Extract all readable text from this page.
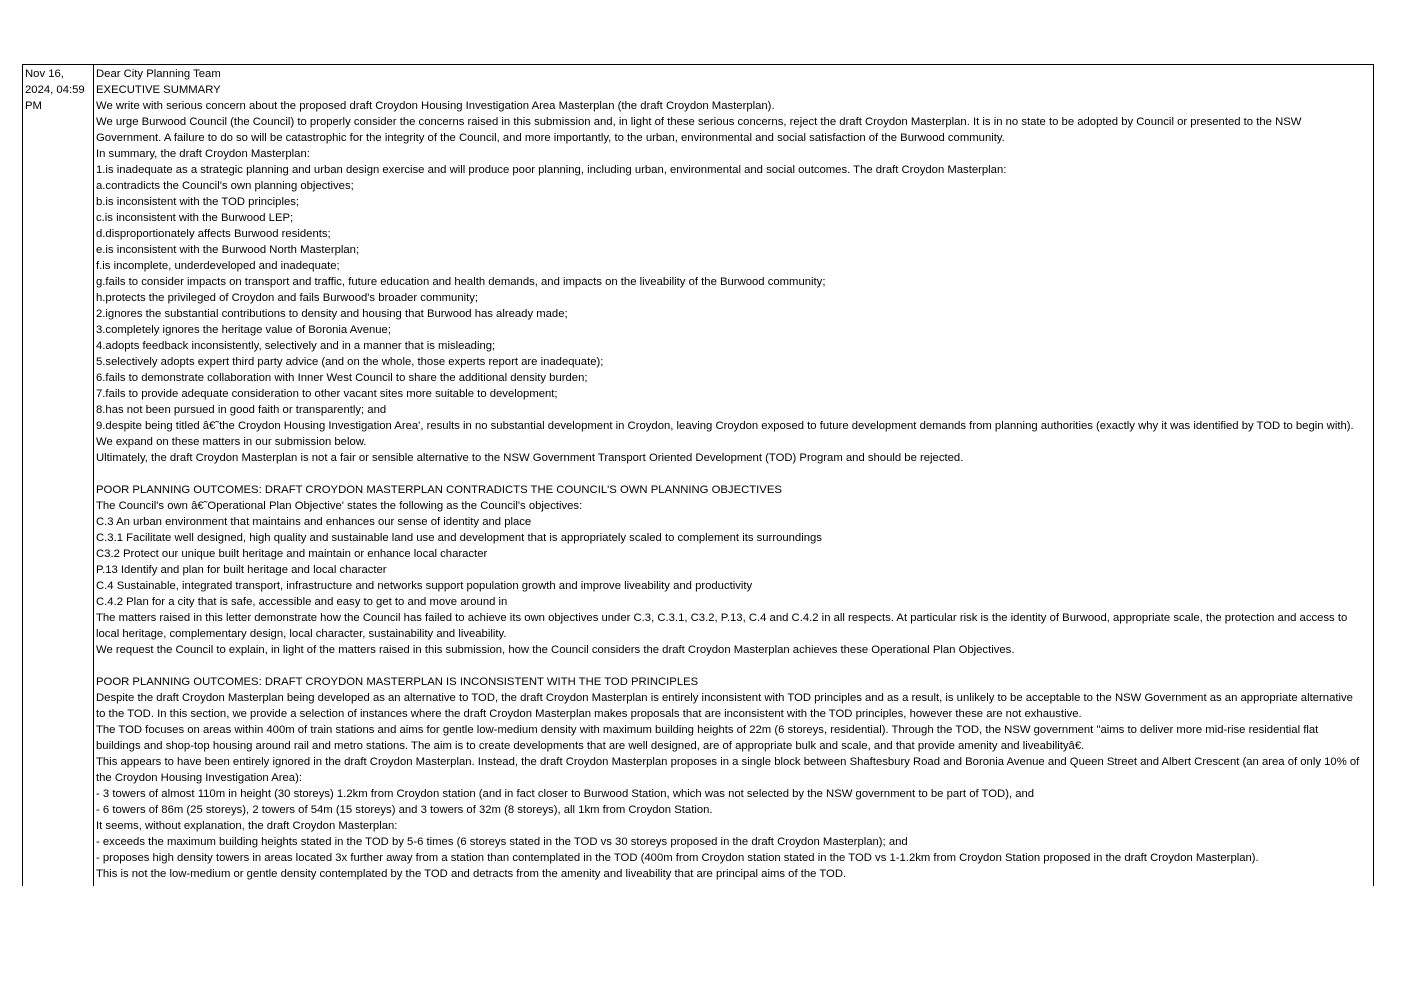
Nov 16,
2024, 04:59
PM
Dear City Planning Team
EXECUTIVE SUMMARY
We write with serious concern about the proposed draft Croydon Housing Investigation Area Masterplan (the draft Croydon Masterplan).
We urge Burwood Council (the Council) to properly consider the concerns raised in this submission and, in light of these serious concerns, reject the draft Croydon Masterplan. It is in no state to be adopted by Council or presented to the NSW
Government. A failure to do so will be catastrophic for the integrity of the Council, and more importantly, to the urban, environmental and social satisfaction of the Burwood community.
In summary, the draft Croydon Masterplan:
1.is inadequate as a strategic planning and urban design exercise and will produce poor planning, including urban, environmental and social outcomes. The draft Croydon Masterplan:
a.contradicts the Council's own planning objectives;
b.is inconsistent with the TOD principles;
c.is inconsistent with the Burwood LEP;
d.disproportionately affects Burwood residents;
e.is inconsistent with the Burwood North Masterplan;
f.is incomplete, underdeveloped and inadequate;
g.fails to consider impacts on transport and traffic, future education and health demands, and impacts on the liveability of the Burwood community;
h.protects the privileged of Croydon and fails Burwood's broader community;
2.ignores the substantial contributions to density and housing that Burwood has already made;
3.completely ignores the heritage value of Boronia Avenue;
4.adopts feedback inconsistently, selectively and in a manner that is misleading;
5.selectively adopts expert third party advice (and on the whole, those experts report are inadequate);
6.fails to demonstrate collaboration with Inner West Council to share the additional density burden;
7.fails to provide adequate consideration to other vacant sites more suitable to development;
8.has not been pursued in good faith or transparently; and
9.despite being titled â€˜the Croydon Housing Investigation Area', results in no substantial development in Croydon, leaving Croydon exposed to future development demands from planning authorities (exactly why it was identified by TOD to begin with).
We expand on these matters in our submission below.
Ultimately, the draft Croydon Masterplan is not a fair or sensible alternative to the NSW Government Transport Oriented Development (TOD) Program and should be rejected.
POOR PLANNING OUTCOMES: DRAFT CROYDON MASTERPLAN CONTRADICTS THE COUNCIL'S OWN PLANNING OBJECTIVES
The Council's own â€˜Operational Plan Objective' states the following as the Council's objectives:
C.3 An urban environment that maintains and enhances our sense of identity and place
C.3.1 Facilitate well designed, high quality and sustainable land use and development that is appropriately scaled to complement its surroundings
C3.2 Protect our unique built heritage and maintain or enhance local character
P.13 Identify and plan for built heritage and local character
C.4 Sustainable, integrated transport, infrastructure and networks support population growth and improve liveability and productivity
C.4.2 Plan for a city that is safe, accessible and easy to get to and move around in
The matters raised in this letter demonstrate how the Council has failed to achieve its own objectives under C.3, C.3.1, C3.2, P.13, C.4 and C.4.2 in all respects. At particular risk is the identity of Burwood, appropriate scale, the protection and access to
local heritage, complementary design, local character, sustainability and liveability.
We request the Council to explain, in light of the matters raised in this submission, how the Council considers the draft Croydon Masterplan achieves these Operational Plan Objectives.
POOR PLANNING OUTCOMES: DRAFT CROYDON MASTERPLAN IS INCONSISTENT WITH THE TOD PRINCIPLES
Despite the draft Croydon Masterplan being developed as an alternative to TOD, the draft Croydon Masterplan is entirely inconsistent with TOD principles and as a result, is unlikely to be acceptable to the NSW Government as an appropriate alternative
to the TOD. In this section, we provide a selection of instances where the draft Croydon Masterplan makes proposals that are inconsistent with the TOD principles, however these are not exhaustive.
The TOD focuses on areas within 400m of train stations and aims for gentle low-medium density with maximum building heights of 22m (6 storeys, residential). Through the TOD, the NSW government "aims to deliver more mid-rise residential flat
buildings and shop-top housing around rail and metro stations. The aim is to create developments that are well designed, are of appropriate bulk and scale, and that provide amenity and liveabilityâ€.
This appears to have been entirely ignored in the draft Croydon Masterplan. Instead, the draft Croydon Masterplan proposes in a single block between Shaftesbury Road and Boronia Avenue and Queen Street and Albert Crescent (an area of only 10% of
the Croydon Housing Investigation Area):
- 3 towers of almost 110m in height (30 storeys) 1.2km from Croydon station (and in fact closer to Burwood Station, which was not selected by the NSW government to be part of TOD), and
- 6 towers of 86m (25 storeys), 2 towers of 54m (15 storeys) and 3 towers of 32m (8 storeys), all 1km from Croydon Station.
It seems, without explanation, the draft Croydon Masterplan:
- exceeds the maximum building heights stated in the TOD by 5-6 times (6 storeys stated in the TOD vs 30 storeys proposed in the draft Croydon Masterplan); and
- proposes high density towers in areas located 3x further away from a station than contemplated in the TOD (400m from Croydon station stated in the TOD vs 1-1.2km from Croydon Station proposed in the draft Croydon Masterplan).
This is not the low-medium or gentle density contemplated by the TOD and detracts from the amenity and liveability that are principal aims of the TOD.
